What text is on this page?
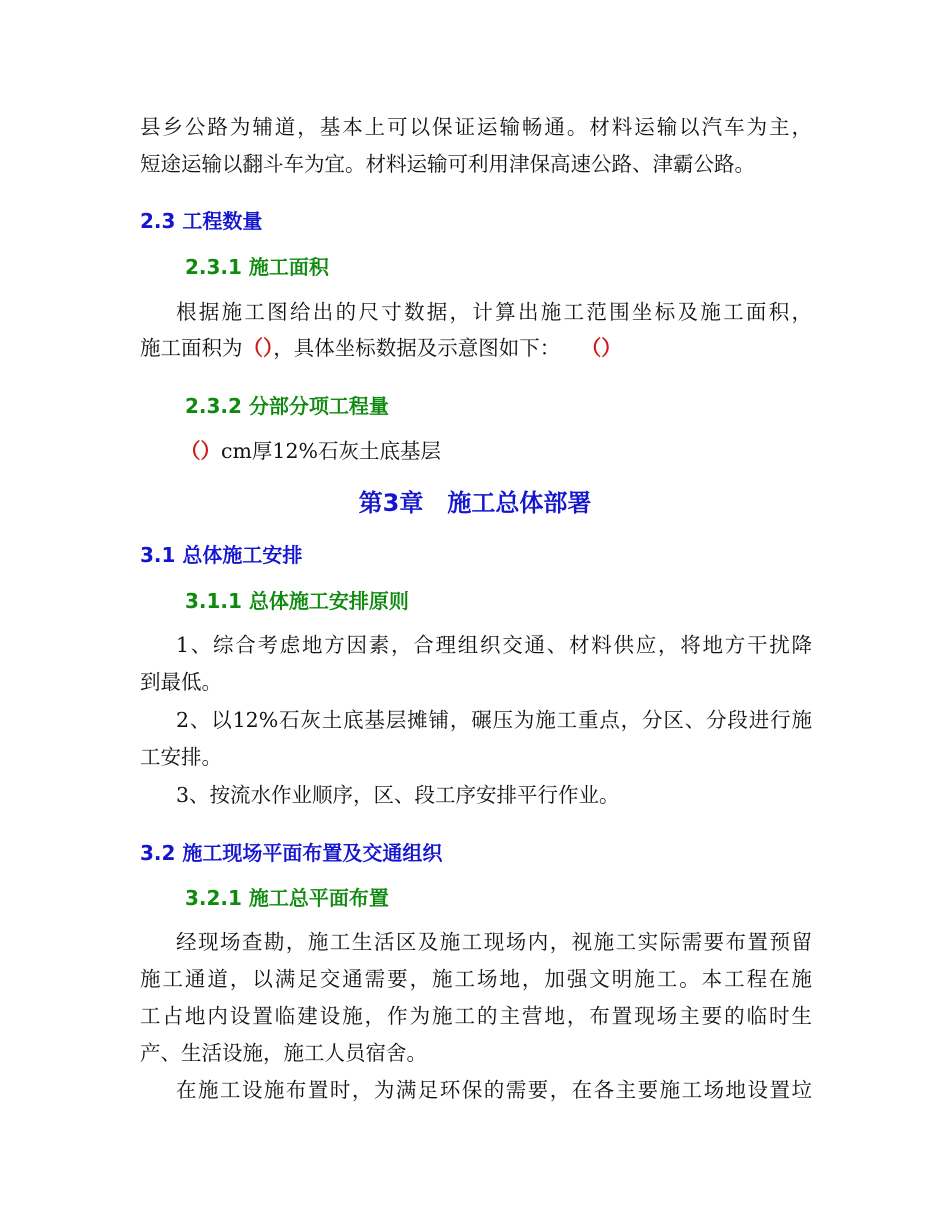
县乡公路为辅道，基本上可以保证运输畅通。材料运输以汽车为主，
短途运输以翻斗车为宜。材料运输可利用津保高速公路、津霸公路。
2.3 工程数量
2.3.1 施工面积
根据施工图给出的尺寸数据，计算出施工范围坐标及施工面积，
施工面积为（），具体坐标数据及示意图如下： （）
2.3.2 分部分项工程量
（）cm厚12%石灰土底基层
第3章 施工总体部署
3.1 总体施工安排
3.1.1 总体施工安排原则
1、综合考虑地方因素，合理组织交通、材料供应，将地方干扰降
到最低。
2、以12%石灰土底基层摊铺，碾压为施工重点，分区、分段进行施
工安排。
3、按流水作业顺序，区、段工序安排平行作业。
3.2 施工现场平面布置及交通组织
3.2.1 施工总平面布置
经现场查勘，施工生活区及施工现场内，视施工实际需要布置预留
施工通道，以满足交通需要，施工场地，加强文明施工。本工程在施
工占地内设置临建设施，作为施工的主营地，布置现场主要的临时生
产、生活设施，施工人员宿舍。
在施工设施布置时，为满足环保的需要，在各主要施工场地设置垃
